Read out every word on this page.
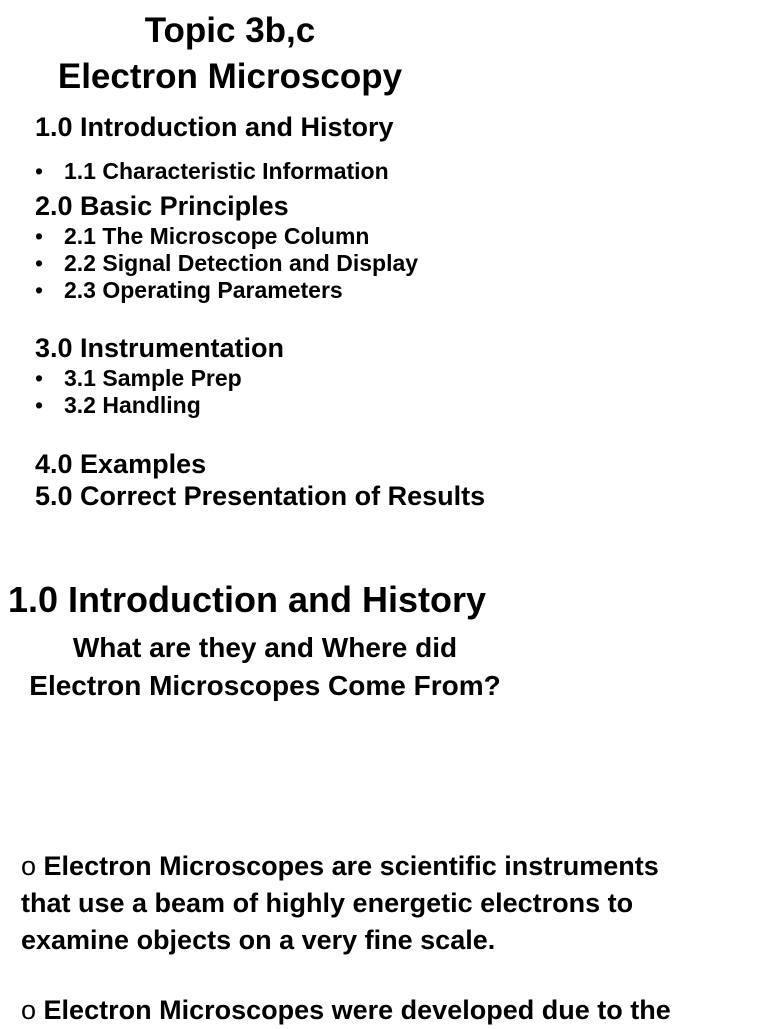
Topic 3b,c
Electron Microscopy
1.0 Introduction and History
• 1.1 Characteristic Information
2.0 Basic Principles
• 2.1 The Microscope Column
• 2.2 Signal Detection and Display
• 2.3 Operating Parameters
3.0 Instrumentation
• 3.1 Sample Prep
• 3.2 Handling
4.0 Examples
5.0 Correct Presentation of Results
1.0 Introduction and History
What are they and Where did
Electron Microscopes Come From?
o Electron Microscopes are scientific instruments
that use a beam of highly energetic electrons to
examine objects on a very fine scale.
o Electron Microscopes were developed due to the
